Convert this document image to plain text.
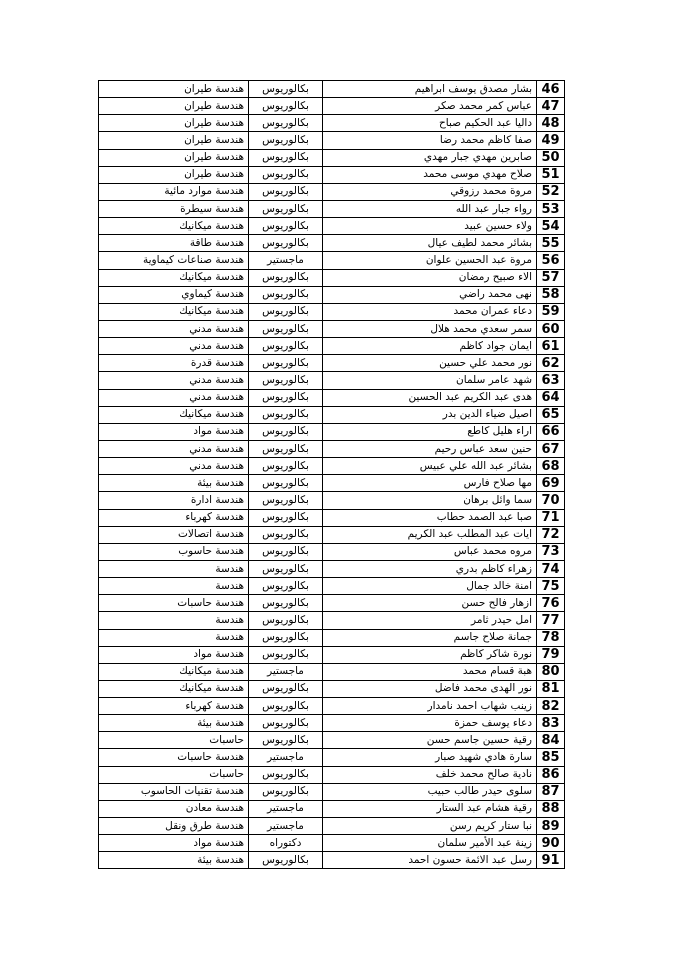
46	بشار مصدق يوسف ابراهيم	بكالوريوس	هندسة طيران
47	عباس كمر محمد صكر	بكالوريوس	هندسة طيران
48	داليا عبد الحكيم صباح	بكالوريوس	هندسة طيران
49	صفا كاظم محمد رضا	بكالوريوس	هندسة طيران
50	صابرين مهدي جبار مهدي	بكالوريوس	هندسة طيران
51	صلاح مهدي موسى محمد	بكالوريوس	هندسة طيران
52	مروة محمد رزوقي	بكالوريوس	هندسة موارد مائية
53	رواء جبار عبد الله	بكالوريوس	هندسة سيطرة
54	ولاء حسين عبيد	بكالوريوس	هندسة ميكانيك
55	بشائر محمد لطيف عيال	بكالوريوس	هندسة طاقة
56	مروة عبد الحسين علوان	ماجستير	هندسة صناعات كيماوية
57	الاء صبيح رمضان	بكالوريوس	هندسة ميكانيك
58	نهى محمد راضي	بكالوريوس	هندسة كيماوي
59	دعاء عمران محمد	بكالوريوس	هندسة ميكانيك
60	سمر سعدي محمد هلال	بكالوريوس	هندسة مدني
61	ايمان جواد كاظم	بكالوريوس	هندسة مدني
62	نور محمد علي حسين	بكالوريوس	هندسة قدرة
63	شهد عامر سلمان	بكالوريوس	هندسة مدني
64	هدى عبد الكريم عبد الحسين	بكالوريوس	هندسة مدني
65	اصيل ضياء الدين بدر	بكالوريوس	هندسة ميكانيك
66	اراء هليل كاطع	بكالوريوس	هندسة مواد
67	حنين سعد عباس رحيم	بكالوريوس	هندسة مدني
68	بشائر عبد الله علي عبيس	بكالوريوس	هندسة مدني
69	مها صلاح فارس	بكالوريوس	هندسة بيئة
70	سما وائل برهان	بكالوريوس	هندسة ادارة
71	صبا عبد الصمد حطاب	بكالوريوس	هندسة كهرباء
72	ايات عبد المطلب عبد الكريم	بكالوريوس	هندسة اتصالات
73	مروه محمد عباس	بكالوريوس	هندسة حاسوب
74	زهراء كاظم بدري	بكالوريوس	هندسة
75	امنة خالد جمال	بكالوريوس	هندسة
76	ازهار فالح حسن	بكالوريوس	هندسة حاسبات
77	امل حيدر ثامر	بكالوريوس	هندسة
78	جمانة صلاح جاسم	بكالوريوس	هندسة
79	نورة شاكر كاظم	بكالوريوس	هندسة مواد
80	هبة قسام محمد	ماجستير	هندسة ميكانيك
81	نور الهدى محمد فاضل	بكالوريوس	هندسة ميكانيك
82	زينب شهاب احمد نامدار	بكالوريوس	هندسة كهرباء
83	دعاء يوسف حمزة	بكالوريوس	هندسة بيئة
84	رقية حسين جاسم حسن	بكالوريوس	حاسبات
85	سارة هادي شهيد صبار	ماجستير	هندسة حاسبات
86	نادية صالح محمد خلف	بكالوريوس	حاسبات
87	سلوى حيدر طالب حبيب	بكالوريوس	هندسة تقنيات الحاسوب
88	رقية هشام عبد الستار	ماجستير	هندسة معادن
89	نبا ستار كريم رسن	ماجستير	هندسة طرق ونقل
90	زينة عبد الأمير سلمان	دكتوراه	هندسة مواد
91	رسل عبد الائمة حسون احمد	بكالوريوس	هندسة بيئة
